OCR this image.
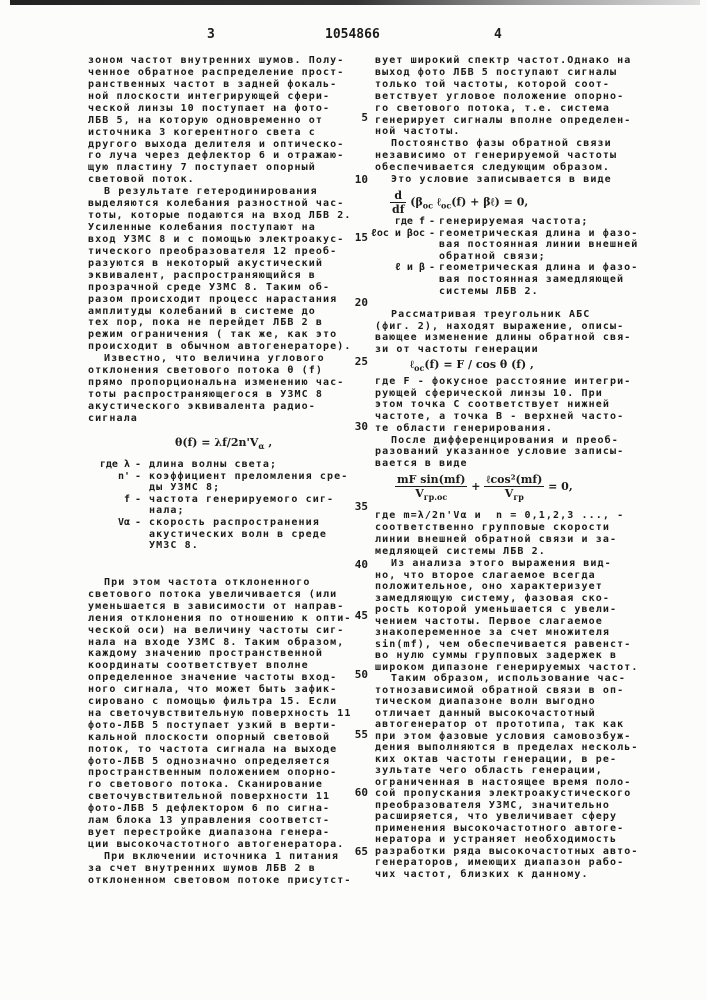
3	1054866	4
θ(f) = λf/2n'Vα ,
d
df
(βoc ℓoc(f) + βℓ) = 0,
ℓoc(f) = F / cos θ (f) ,
mF sin(mf)
Vгр.ос
+
ℓcos²(mf)
Vгр
= 0,
зоном частот внутренних шумов. Полу-
ченное обратное распределение прост-
ранственных частот в задней фокаль-
ной плоскости интегрирующей сфери-
ческой линзы 10 поступает на фото-
ЛБВ 5, на которую одновременно от
источника 3 когерентного света с
другого выхода делителя и оптическо-
го луча через дефлектор 6 и отражаю-
щую пластину 7 поступает опорный
световой поток.
В результате гетеродинирования
выделяются колебания разностной час-
тоты, которые подаются на вход ЛБВ 2.
Усиленные колебания поступают на
вход УЗМС 8 и с помощью электроакус-
тического преобразователя 12 преоб-
разуются в некоторый акустический
эквивалент, распространяющийся в
прозрачной среде УЗМС 8. Таким об-
разом происходит процесс нарастания
амплитуды колебаний в системе до
тех пор, пока не перейдет ЛБВ 2 в
режим ограничения ( так же, как это
происходит в обычном автогенераторе).
Известно, что величина углового
отклонения светового потока θ (f)
прямо пропорциональна изменению час-
тоты распространяющегося в УЗМС 8
акустического эквивалента радио-
сигнала
При этом частота отклоненного
светового потока увеличивается (или
уменьшается в зависимости от направ-
ления отклонения по отношению к опти-
ческой оси) на величину частоты сиг-
нала на входе УЗМС 8. Таким образом,
каждому значению пространственной
координаты соответствует вполне
определенное значение частоты вход-
ного сигнала, что может быть зафик-
сировано с помощью фильтра 15. Если
на светочувствительную поверхность 11
фото-ЛБВ 5 поступает узкий в верти-
кальной плоскости опорный световой
поток, то частота сигнала на выходе
фото-ЛБВ 5 однозначно определяется
пространственным положением опорно-
го светового потока. Сканирование
светочувствительной поверхности 11
фото-ЛБВ 5 дефлектором 6 по сигна-
лам блока 13 управления соответст-
вует перестройке диапазона генера-
ции высокочастотного автогенератора.
При включении источника 1 питания
за счет внутренних шумов ЛБВ 2 в
отклоненном световом потоке присутст-
вует широкий спектр частот.Однако на
выход фото ЛБВ 5 поступают сигналы
только той частоты, которой соот-
ветствует угловое положение опорно-
го светового потока, т.е. система
генерирует сигналы вполне определен-
ной частоты.
Постоянство фазы обратной связи
независимо от генерируемой частоты
обеспечивается следующим образом.
Это условие записывается в виде
Рассматривая треугольник АБС
(фиг. 2), находят выражение, описы-
вающее изменение длины обратной свя-
зи от частоты генерации
где F - фокусное расстояние интегри-
рующей сферической линзы 10. При
этом точка С соответствует нижней
частоте, а точка В - верхней часто-
те области генерирования.
После дифференцирования и преоб-
разований указанное условие записы-
вается в виде
где m=λ/2n'Vα и  n = 0,1,2,3 ..., -
соответственно групповые скорости
линии внешней обратной связи и за-
медляющей системы ЛБВ 2.
Из анализа этого выражения вид-
но, что второе слагаемое всегда
положительное, оно характеризует
замедляющую систему, фазовая ско-
рость которой уменьшается с увели-
чением частоты. Первое слагаемое
знакопеременное за счет множителя
sin(mf), чем обеспечивается равенст-
во нулю суммы групповых задержек в
широком дипазоне генерируемых частот.
Таким образом, использование час-
тотнозависимой обратной связи в оп-
тическом диапазоне волн выгодно
отличает данный высокочастотный
автогенератор от прототипа, так как
при этом фазовые условия самовозбуж-
дения выполняются в пределах несколь-
ких октав частоты генерации, в ре-
зультате чего область генерации,
ограниченная в настоящее время поло-
сой пропускания электроакустического
преобразователя УЗМС, значительно
расширяется, что увеличивает сферу
применения высокочастотного автоге-
нератора и устраняет необходимость
разработки ряда высокочастотных авто-
генераторов, имеющих диапазон рабо-
чих частот, близких к данному.
где λ - длина волны света;
n' - коэффициент преломления сре-
ды УЗМС 8;
f - частота генерируемого сиг-
нала;
Vα - скорость распространения
акустических волн в среде
УМЗС 8.
где f - генерируемая частота;
ℓос и βос - геометрическая длина и фазо-
вая постоянная линии внешней
обратной связи;
ℓ и β - геометрическая длина и фазо-
вая постоянная замедляющей
системы ЛБВ 2.
5
10
15
20
25
30
35
40
45
50
55
60
65
